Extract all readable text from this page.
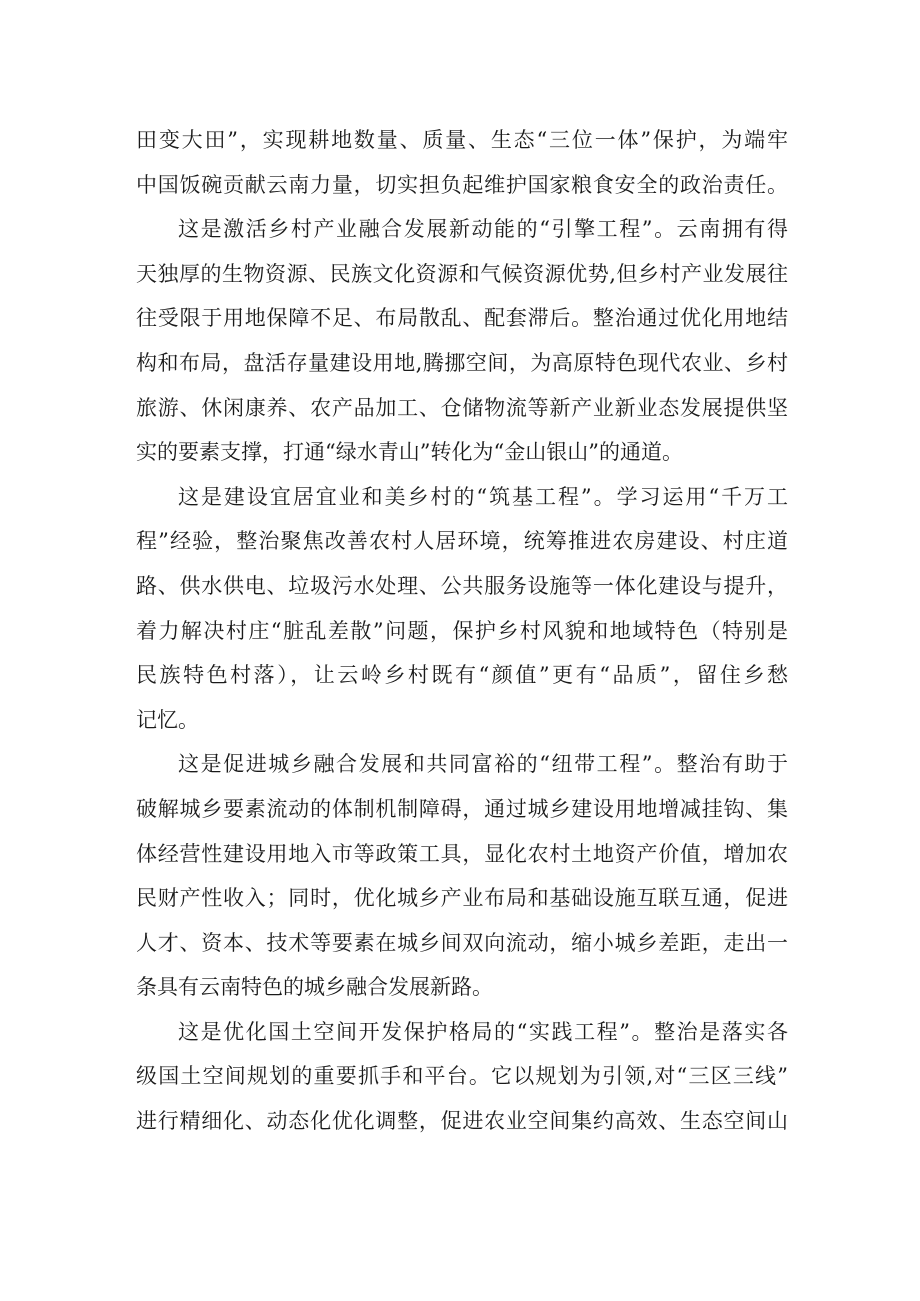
田变大田”，实现耕地数量、质量、生态“三位一体”保护，为端牢
中国饭碗贡献云南力量，切实担负起维护国家粮食安全的政治责任。

这是激活乡村产业融合发展新动能的“引擎工程”。云南拥有得
天独厚的生物资源、民族文化资源和气候资源优势,但乡村产业发展往
往受限于用地保障不足、布局散乱、配套滞后。整治通过优化用地结
构和布局，盘活存量建设用地,腾挪空间，为高原特色现代农业、乡村
旅游、休闲康养、农产品加工、仓储物流等新产业新业态发展提供坚
实的要素支撑，打通“绿水青山”转化为“金山银山”的通道。

这是建设宜居宜业和美乡村的“筑基工程”。学习运用“千万工
程”经验，整治聚焦改善农村人居环境，统筹推进农房建设、村庄道
路、供水供电、垃圾污水处理、公共服务设施等一体化建设与提升，
着力解决村庄“脏乱差散”问题，保护乡村风貌和地域特色（特别是
民族特色村落），让云岭乡村既有“颜值”更有“品质”，留住乡愁
记忆。

这是促进城乡融合发展和共同富裕的“纽带工程”。整治有助于
破解城乡要素流动的体制机制障碍，通过城乡建设用地增减挂钩、集
体经营性建设用地入市等政策工具，显化农村土地资产价值，增加农
民财产性收入；同时，优化城乡产业布局和基础设施互联互通，促进
人才、资本、技术等要素在城乡间双向流动，缩小城乡差距，走出一
条具有云南特色的城乡融合发展新路。

这是优化国土空间开发保护格局的“实践工程”。整治是落实各
级国土空间规划的重要抓手和平台。它以规划为引领,对“三区三线”
进行精细化、动态化优化调整，促进农业空间集约高效、生态空间山
